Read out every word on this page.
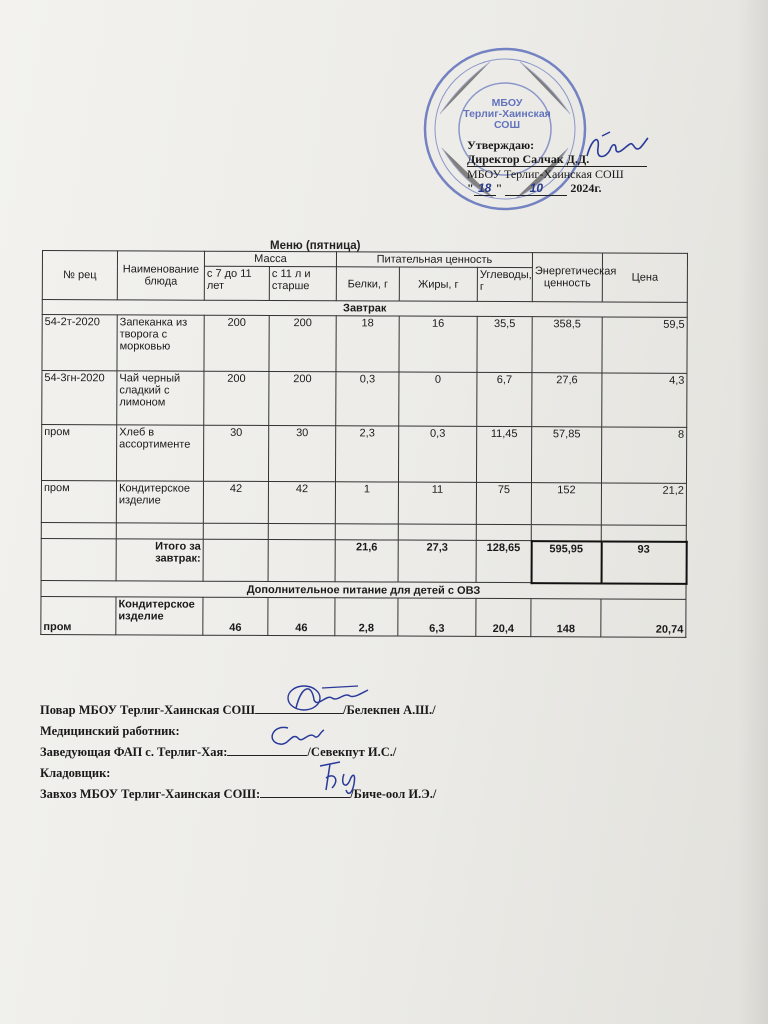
МБОУ
Терлиг-Хаинская
СОШ
Утверждаю:
Директор Салчак Д.Д.
МБОУ Терлиг-Хаинская СОШ
" 18 " 10 2024г.
Меню (пятница)
№ рец	Наименование блюда	Масса		Питательная ценность			Энергетическая ценность	Цена
		с 7 до 11 лет	с 11 л и старше	Белки, г	Жиры, г	Углеводы, г		
Завтрак								
54-2т-2020	Запеканка из творога с морковью	200	200	18	16	35,5	358,5	59,5
54-3гн-2020	Чай черный сладкий с лимоном	200	200	0,3	0	6,7	27,6	4,3
пром	Хлеб в ассортименте	30	30	2,3	0,3	11,45	57,85	8
пром	Кондитерское изделие	42	42	1	11	75	152	21,2

	Итого за завтрак:			21,6	27,3	128,65	595,95	93
Дополнительное питание для детей с ОВЗ								
пром	Кондитерское изделие	46	46	2,8	6,3	20,4	148	20,74
Повар МБОУ Терлиг-Хаинская СОШ	/Белекпен А.Ш./
Медицинский работник:
Заведующая ФАП с. Терлиг-Хая:	/Севекпут И.С./
Кладовщик:
Завхоз МБОУ Терлиг-Хаинская СОШ:	/Биче-оол И.Э./
